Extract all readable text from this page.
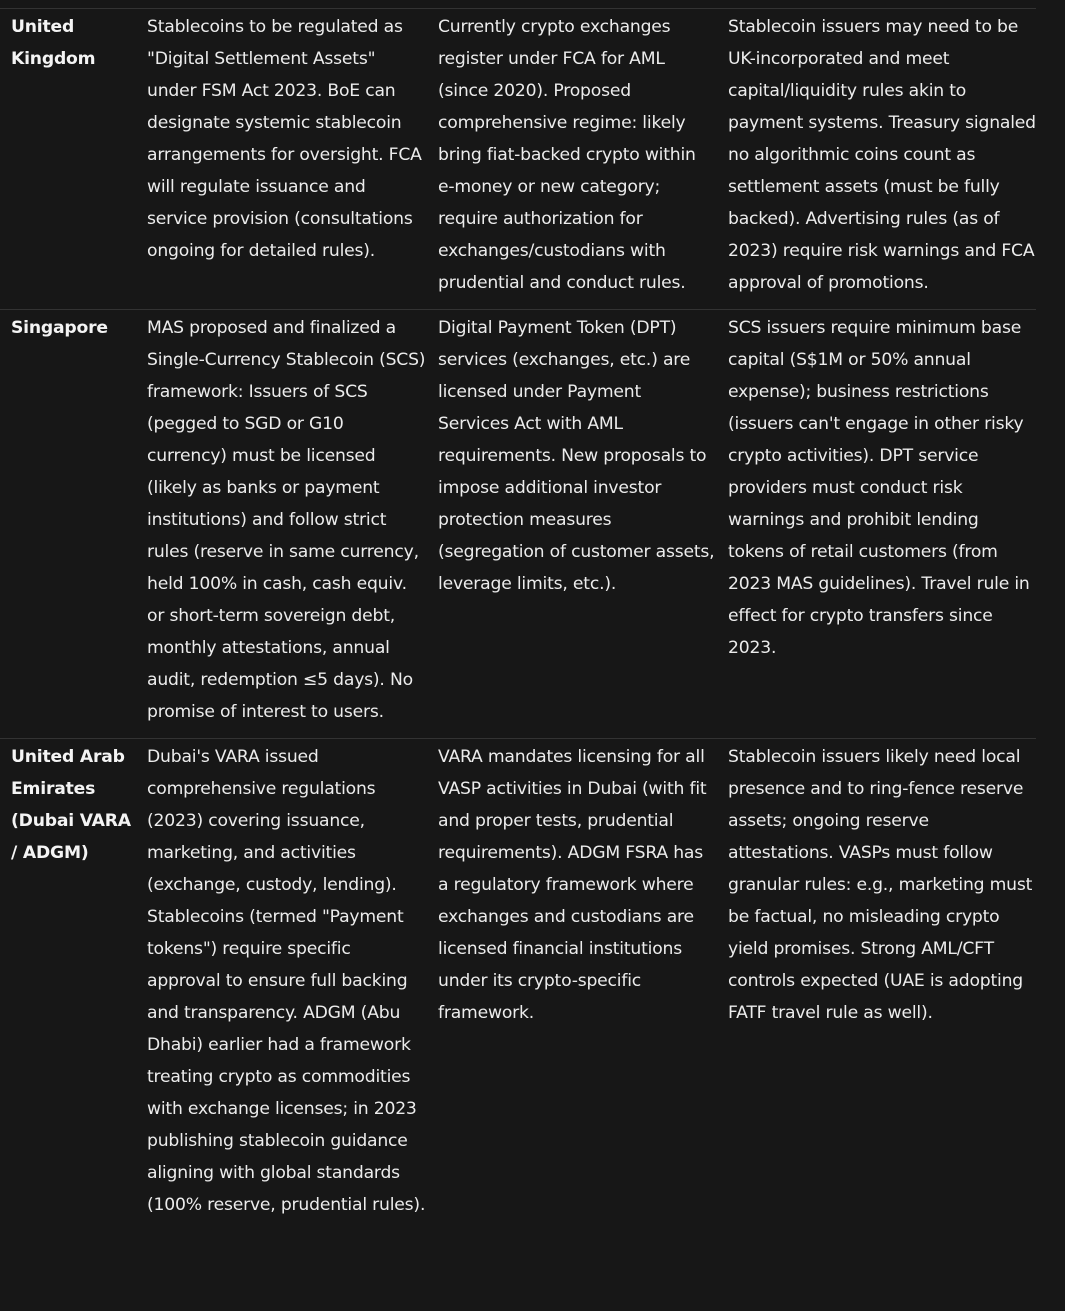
United Kingdom
Stablecoins to be regulated as "Digital Settlement Assets" under FSM Act 2023. BoE can designate systemic stablecoin arrangements for oversight. FCA will regulate issuance and service provision (consultations ongoing for detailed rules).
Currently crypto exchanges register under FCA for AML (since 2020). Proposed comprehensive regime: likely bring fiat-backed crypto within e-money or new category; require authorization for exchanges/custodians with prudential and conduct rules.
Stablecoin issuers may need to be UK-incorporated and meet capital/liquidity rules akin to payment systems. Treasury signaled no algorithmic coins count as settlement assets (must be fully backed). Advertising rules (as of 2023) require risk warnings and FCA approval of promotions.
Singapore	MAS proposed and finalized a Single-Currency Stablecoin (SCS) framework: Issuers of SCS (pegged to SGD or G10 currency) must be licensed (likely as banks or payment institutions) and follow strict rules (reserve in same currency, held 100% in cash, cash equiv. or short-term sovereign debt, monthly attestations, annual audit, redemption ≤5 days). No promise of interest to users.
Digital Payment Token (DPT) services (exchanges, etc.) are licensed under Payment Services Act with AML requirements. New proposals to impose additional investor protection measures (segregation of customer assets, leverage limits, etc.).
SCS issuers require minimum base capital (S$1M or 50% annual expense); business restrictions (issuers can't engage in other risky crypto activities). DPT service providers must conduct risk warnings and prohibit lending tokens of retail customers (from 2023 MAS guidelines). Travel rule in effect for crypto transfers since 2023.
United Arab Emirates (Dubai VARA / ADGM)
Dubai's VARA issued comprehensive regulations (2023) covering issuance, marketing, and activities (exchange, custody, lending). Stablecoins (termed "Payment tokens") require specific approval to ensure full backing and transparency. ADGM (Abu Dhabi) earlier had a framework treating crypto as commodities with exchange licenses; in 2023 publishing stablecoin guidance aligning with global standards (100% reserve, prudential rules).
VARA mandates licensing for all VASP activities in Dubai (with fit and proper tests, prudential requirements). ADGM FSRA has a regulatory framework where exchanges and custodians are licensed financial institutions under its crypto-specific framework.
Stablecoin issuers likely need local presence and to ring-fence reserve assets; ongoing reserve attestations. VASPs must follow granular rules: e.g., marketing must be factual, no misleading crypto yield promises. Strong AML/CFT controls expected (UAE is adopting FATF travel rule as well).
